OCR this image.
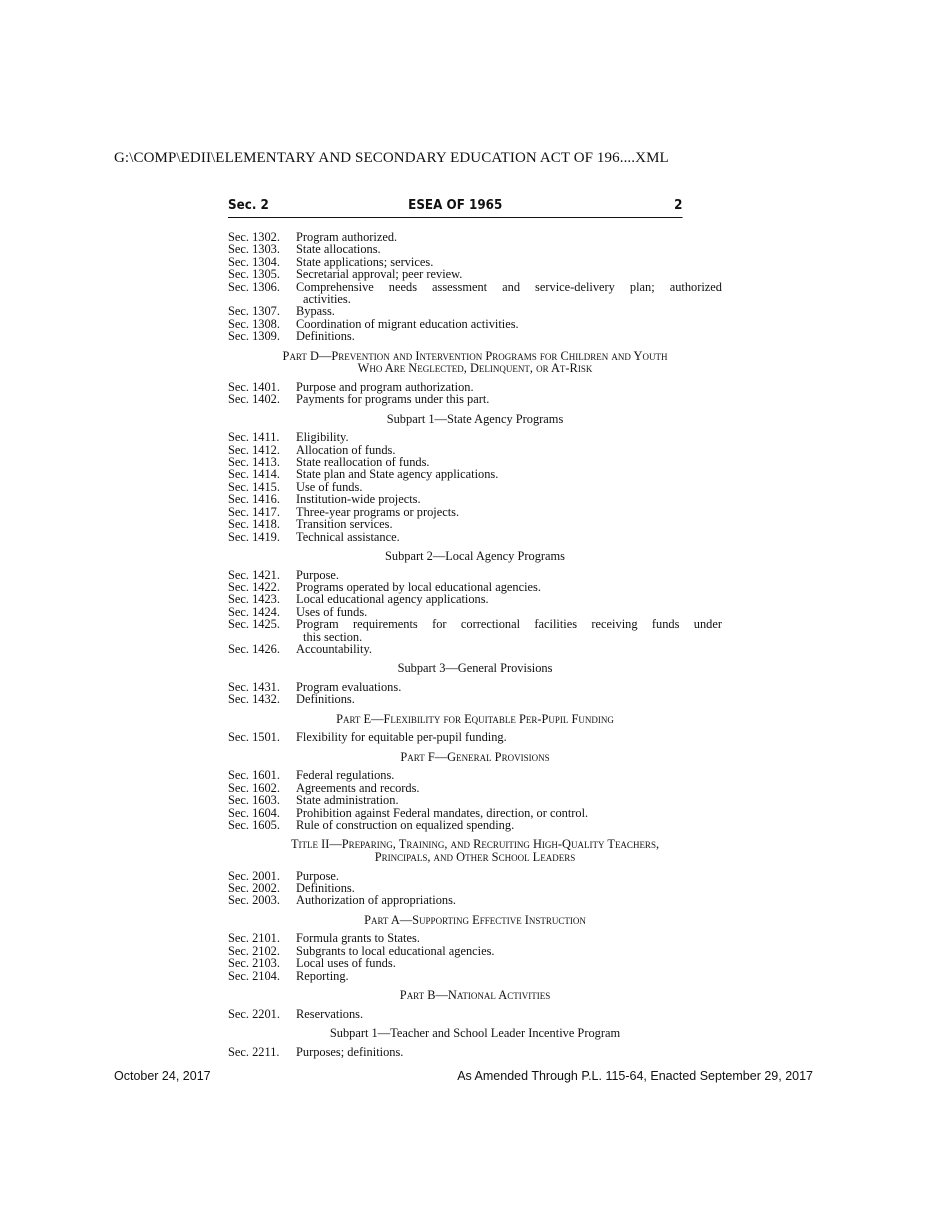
G:\COMP\EDII\ELEMENTARY AND SECONDARY EDUCATION ACT OF 196....XML
Sec. 2	ESEA OF 1965	2
Sec. 1302.	Program authorized.
Sec. 1303.	State allocations.
Sec. 1304.	State applications; services.
Sec. 1305.	Secretarial approval; peer review.
Sec. 1306.	Comprehensive needs assessment and service-delivery plan; authorized
activities.
Sec. 1307.	Bypass.
Sec. 1308.	Coordination of migrant education activities.
Sec. 1309.	Definitions.
Part D—Prevention and Intervention Programs for Children and Youth
Who Are Neglected, Delinquent, or At-Risk
Sec. 1401.	Purpose and program authorization.
Sec. 1402.	Payments for programs under this part.
Subpart 1—State Agency Programs
Sec. 1411.	Eligibility.
Sec. 1412.	Allocation of funds.
Sec. 1413.	State reallocation of funds.
Sec. 1414.	State plan and State agency applications.
Sec. 1415.	Use of funds.
Sec. 1416.	Institution-wide projects.
Sec. 1417.	Three-year programs or projects.
Sec. 1418.	Transition services.
Sec. 1419.	Technical assistance.
Subpart 2—Local Agency Programs
Sec. 1421.	Purpose.
Sec. 1422.	Programs operated by local educational agencies.
Sec. 1423.	Local educational agency applications.
Sec. 1424.	Uses of funds.
Sec. 1425.	Program requirements for correctional facilities receiving funds under
this section.
Sec. 1426.	Accountability.
Subpart 3—General Provisions
Sec. 1431.	Program evaluations.
Sec. 1432.	Definitions.
Part E—Flexibility for Equitable Per-Pupil Funding
Sec. 1501.	Flexibility for equitable per-pupil funding.
Part F—General Provisions
Sec. 1601.	Federal regulations.
Sec. 1602.	Agreements and records.
Sec. 1603.	State administration.
Sec. 1604.	Prohibition against Federal mandates, direction, or control.
Sec. 1605.	Rule of construction on equalized spending.
Title II—Preparing, Training, and Recruiting High-Quality Teachers,
Principals, and Other School Leaders
Sec. 2001.	Purpose.
Sec. 2002.	Definitions.
Sec. 2003.	Authorization of appropriations.
Part A—Supporting Effective Instruction
Sec. 2101.	Formula grants to States.
Sec. 2102.	Subgrants to local educational agencies.
Sec. 2103.	Local uses of funds.
Sec. 2104.	Reporting.
Part B—National Activities
Sec. 2201.	Reservations.
Subpart 1—Teacher and School Leader Incentive Program
Sec. 2211.	Purposes; definitions.
October 24, 2017	As Amended Through P.L. 115-64, Enacted September 29, 2017
